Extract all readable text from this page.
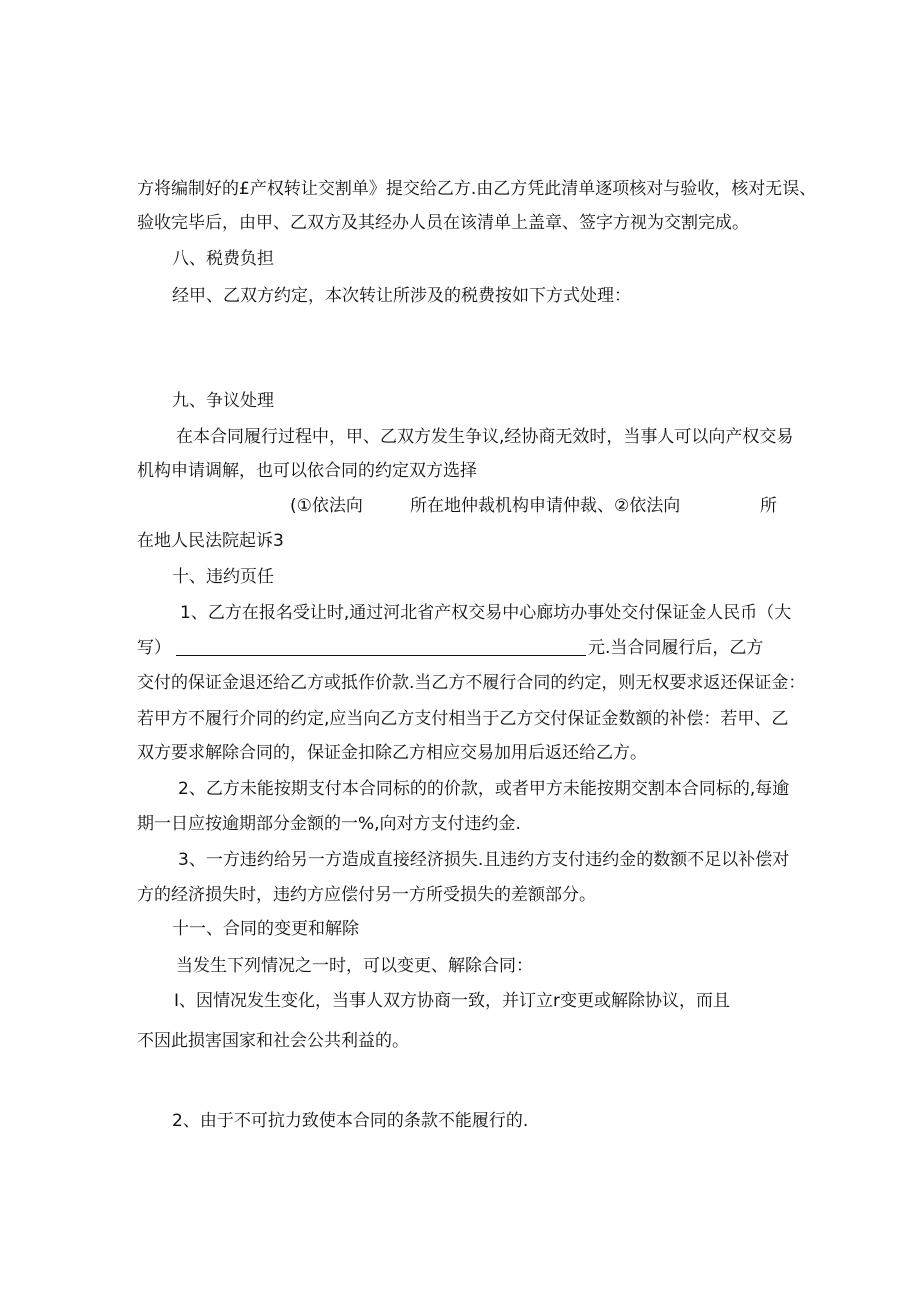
方将编制好的£产权转让交割单》提交给乙方.由乙方凭此清单逐项核对与验收，核对无误、
验收完毕后，由甲、乙双方及其经办人员在该清单上盖章、签字方视为交割完成。
八、税费负担
经甲、乙双方约定，本次转让所涉及的税费按如下方式处理：
九、争议处理
在本合同履行过程中，甲、乙双方发生争议,经协商无效时，当事人可以向产权交易
机构申请调解，也可以依合同的约定双方选择
(①依法向	所在地仲裁机构申请仲裁、②依法向	所
在地人民法院起诉3
十、违约页任
1、乙方在报名受让时,通过河北省产权交易中心廊坊办事处交付保证金人民币（大
写）	元.当合同履行后，乙方
交付的保证金退还给乙方或抵作价款.当乙方不履行合同的约定，则无权要求返还保证金：
若甲方不履行介同的约定,应当向乙方支付相当于乙方交付保证金数额的补偿：若甲、乙
双方要求解除合同的，保证金扣除乙方相应交易加用后返还给乙方。
2、乙方未能按期支付本合同标的的价款，或者甲方未能按期交割本合同标的,每逾
期一日应按逾期部分金额的一%,向对方支付违约金.
3、一方违约给另一方造成直接经济损失.且违约方支付违约金的数额不足以补偿对
方的经济损失时，违约方应偿付另一方所受损失的差额部分。
十一、合同的变更和解除
当发生下列情况之一时，可以变更、解除合同：
I、因情况发生变化，当事人双方协商一致，并订立r变更或解除协议，而且
不因此损害国家和社会公共利益的。
2、由于不可抗力致使本合同的条款不能履行的.
